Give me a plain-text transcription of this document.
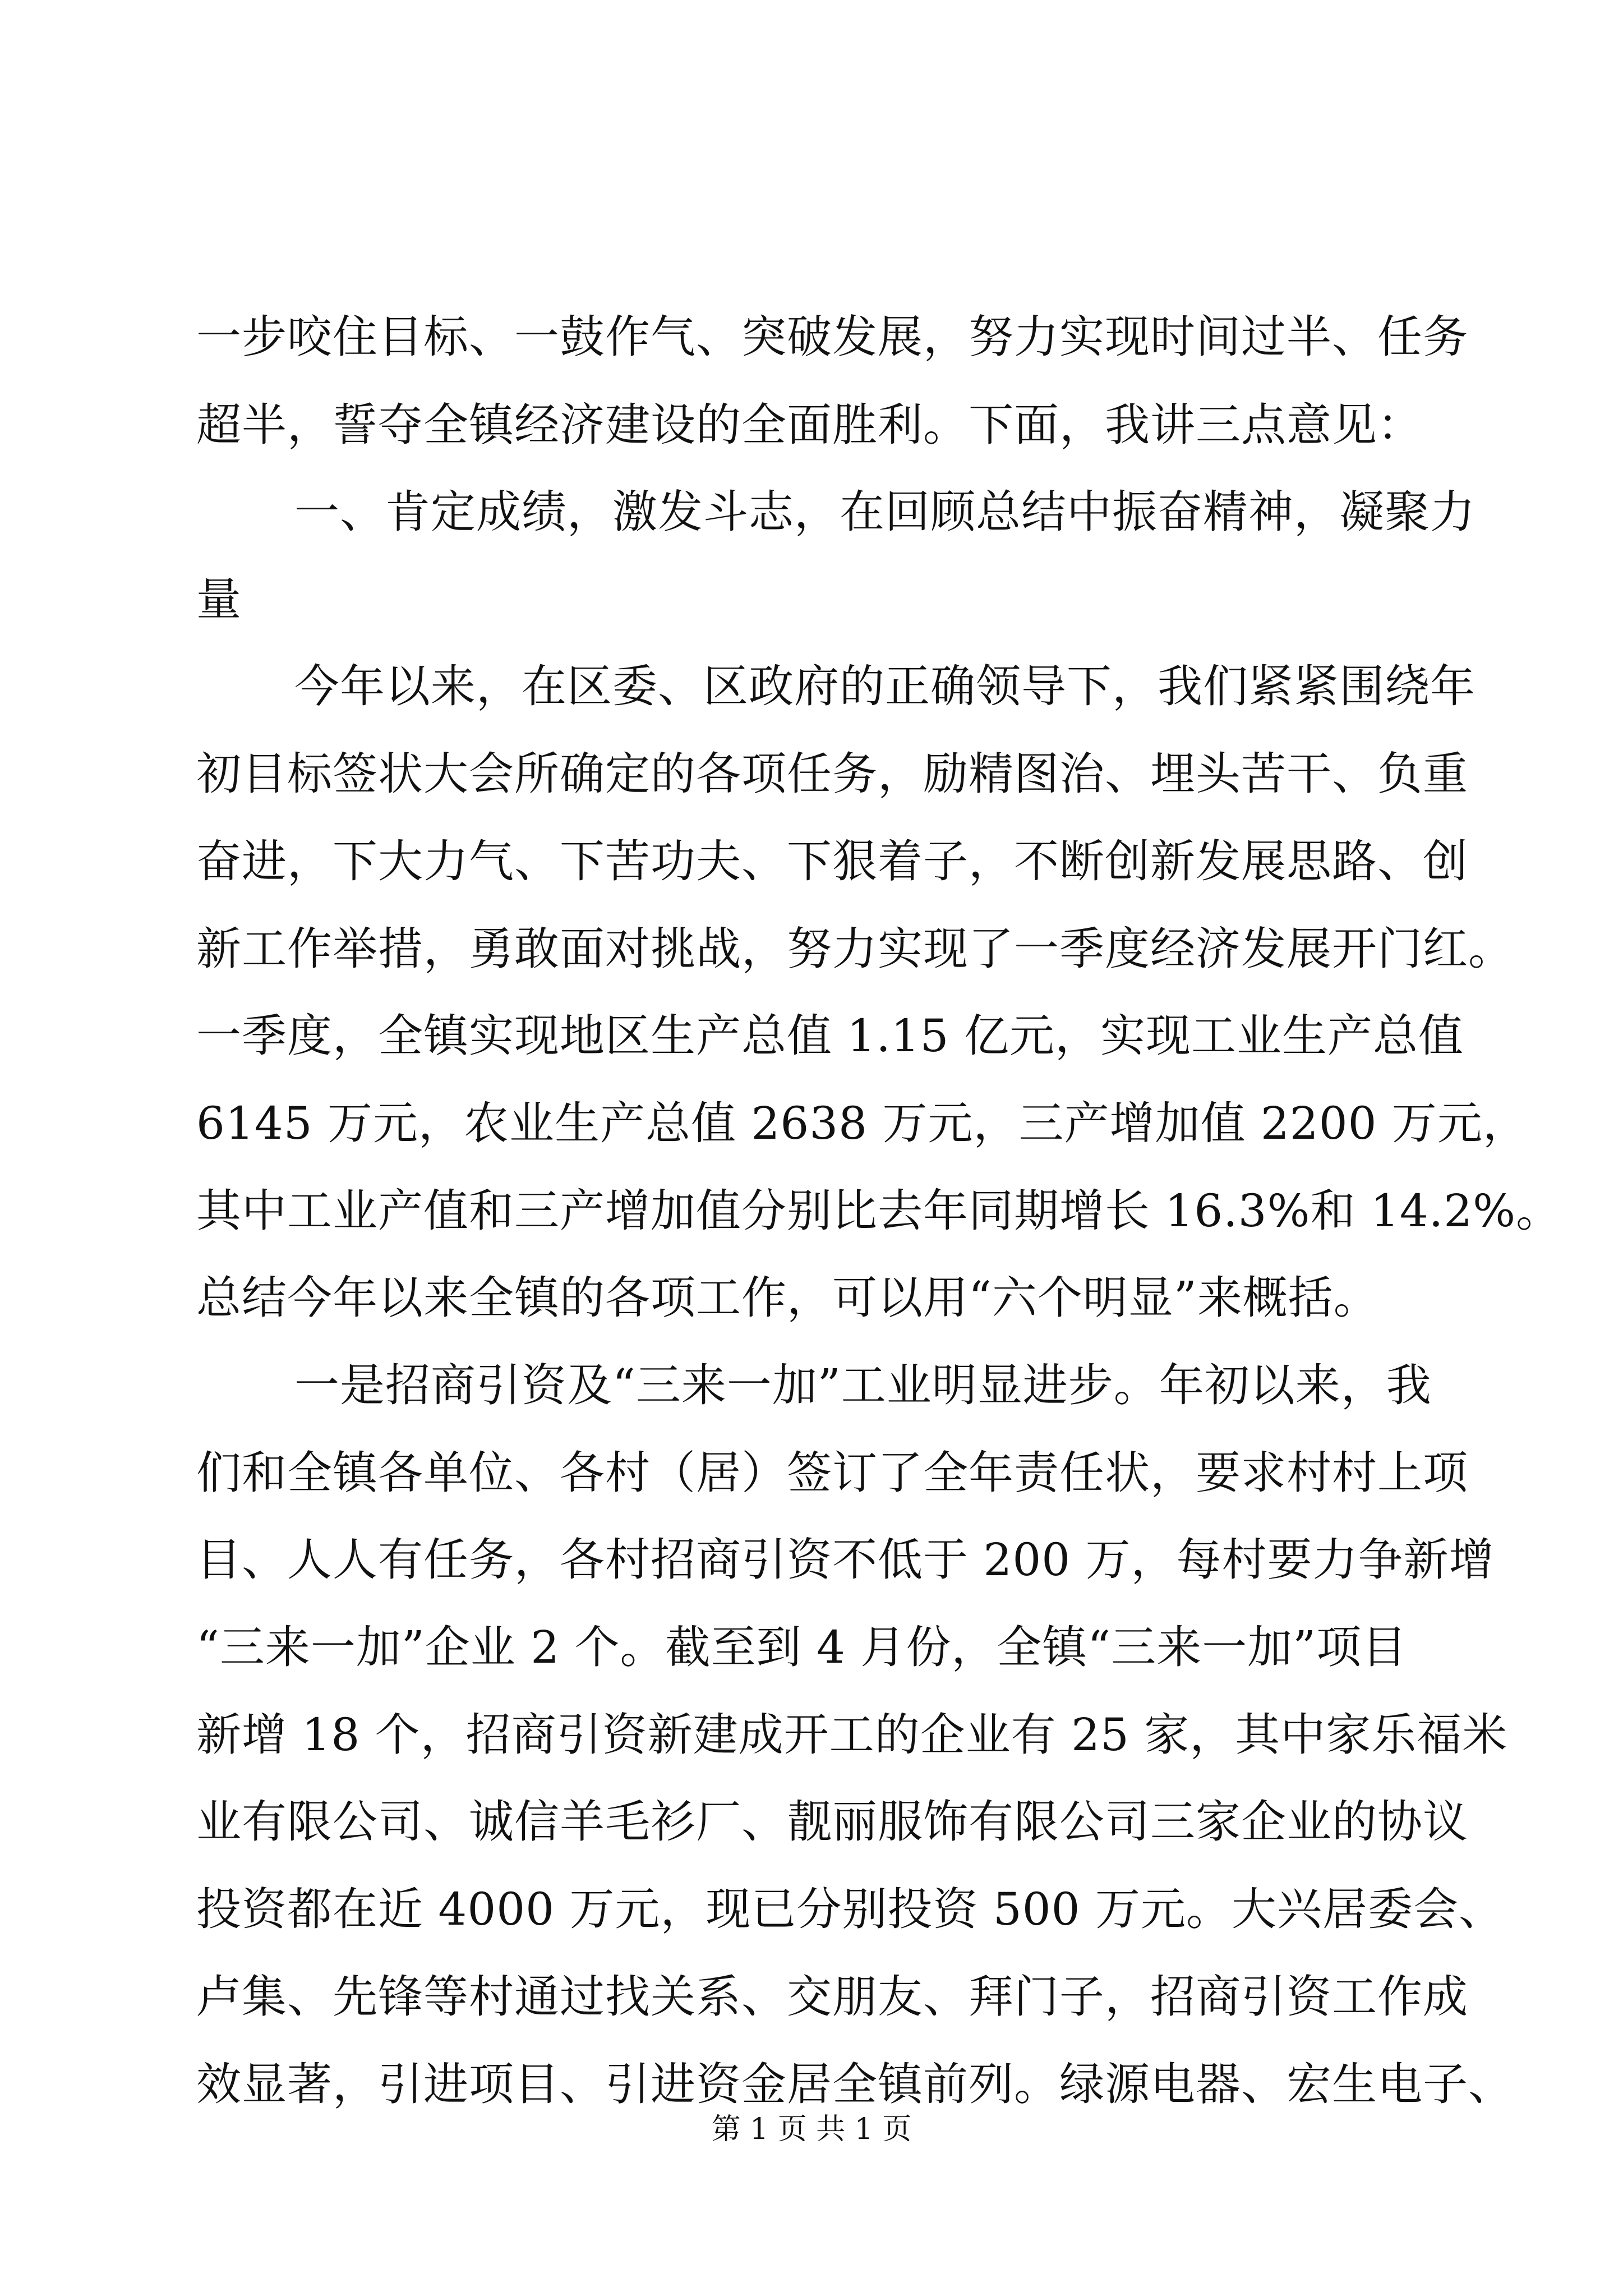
一步咬住目标、一鼓作气、突破发展，努力实现时间过半、任务
超半，誓夺全镇经济建设的全面胜利。下面，我讲三点意见：
一、肯定成绩，激发斗志，在回顾总结中振奋精神，凝聚力
量
今年以来，在区委、区政府的正确领导下，我们紧紧围绕年
初目标签状大会所确定的各项任务，励精图治、埋头苦干、负重
奋进，下大力气、下苦功夫、下狠着子，不断创新发展思路、创
新工作举措，勇敢面对挑战，努力实现了一季度经济发展开门红。
一季度，全镇实现地区生产总值 1.15 亿元，实现工业生产总值
6145 万元，农业生产总值 2638 万元，三产增加值 2200 万元，
其中工业产值和三产增加值分别比去年同期增长 16.3%和 14.2%。
总结今年以来全镇的各项工作，可以用“六个明显”来概括。
一是招商引资及“三来一加”工业明显进步。年初以来，我
们和全镇各单位、各村（居）签订了全年责任状，要求村村上项
目、人人有任务，各村招商引资不低于 200 万，每村要力争新增
“三来一加”企业 2 个。截至到 4 月份，全镇“三来一加”项目
新增 18 个，招商引资新建成开工的企业有 25 家，其中家乐福米
业有限公司、诚信羊毛衫厂、靓丽服饰有限公司三家企业的协议
投资都在近 4000 万元，现已分别投资 500 万元。大兴居委会、
卢集、先锋等村通过找关系、交朋友、拜门子，招商引资工作成
效显著，引进项目、引进资金居全镇前列。绿源电器、宏生电子、
第 1 页 共 1 页
